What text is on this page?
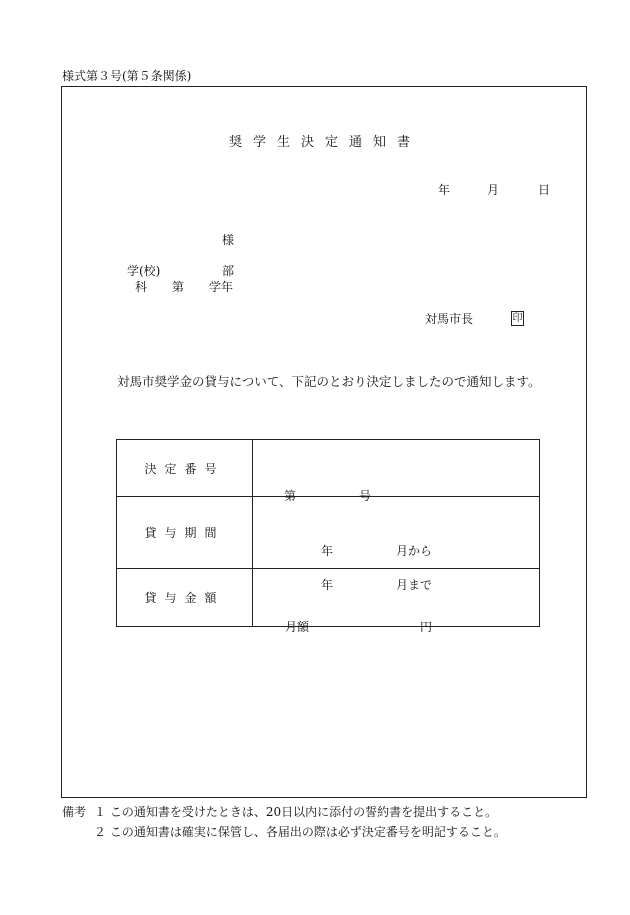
様式第３号(第５条関係)
奨学生決定通知書
年	月	日
様
学(校)	部
科 第 学年
対馬市長	印
対馬市奨学金の貸与について、下記のとおり決定しましたので通知します。
決定番号	第 号

貸与期間	年 月から
年 月まで

貸与金額	月額 円
備考 １ この通知書を受けたときは、20日以内に添付の誓約書を提出すること。
２ この通知書は確実に保管し、各届出の際は必ず決定番号を明記すること。
